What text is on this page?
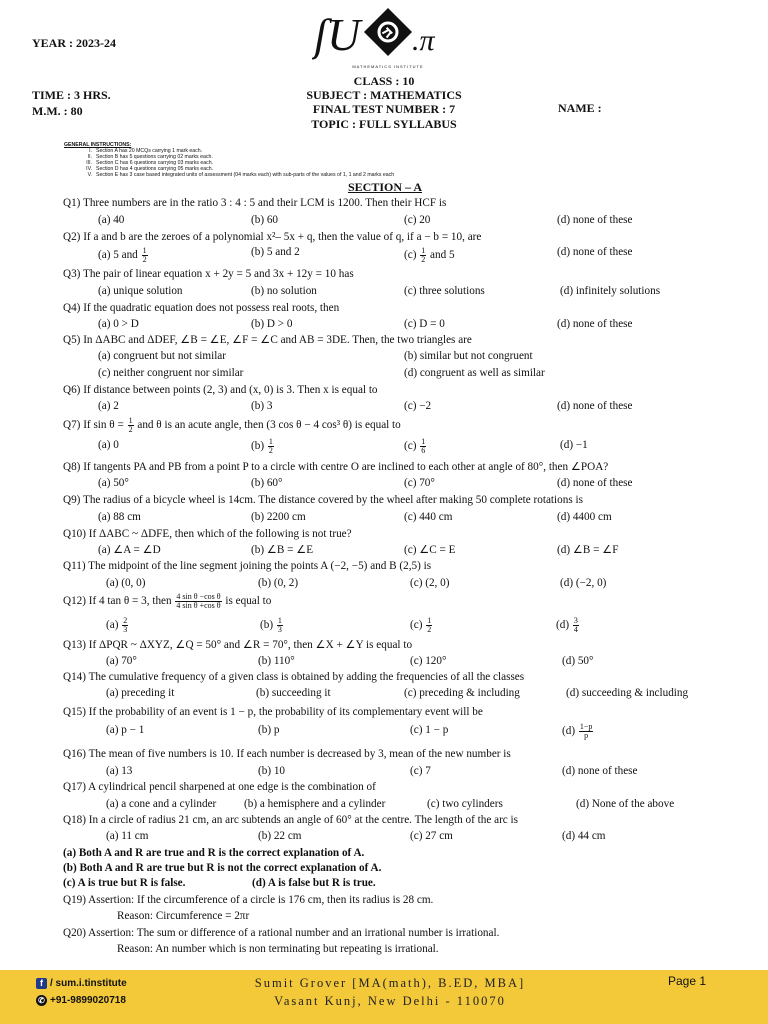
YEAR : 2023-24
TIME : 3 HRS.
M.M. : 80
ʃU .π
MATHEMATICS INSTITUTE
CLASS : 10
SUBJECT : MATHEMATICS
FINAL TEST NUMBER : 7
TOPIC : FULL SYLLABUS
NAME :
GENERAL INSTRUCTIONS:
I. Section A has 20 MCQs carrying 1 mark each.
II. Section B has 5 questions carrying 02 marks each.
III. Section C has 6 questions carrying 03 marks each.
IV. Section D has 4 questions carrying 05 marks each.
V. Section E has 3 case based integrated units of assessment (04 marks each) with sub-parts of the values of 1, 1 and 2 marks each
SECTION – A
Q1) Three numbers are in the ratio 3 : 4 : 5 and their LCM is 1200. Then their HCF is
(a) 40	(b) 60	(c) 20	(d) none of these
Q2) If a and b are the zeroes of a polynomial x²– 5x + q, then the value of q, if a − b = 10, are
(a) 5 and $\frac{1}{2}$	(b) 5 and 2	$(c) \frac{1}{2}$ and 5	(d) none of these
Q3) The pair of linear equation x + 2y = 5 and 3x + 12y = 10 has
(a) unique solution	(b) no solution	(c) three solutions	(d) infinitely solutions
Q4) If the quadratic equation does not possess real roots, then
(a) 0 > D	(b) D > 0	(c) D = 0	(d) none of these
Q5) In ΔABC and ΔDEF, ∠B = ∠E, ∠F = ∠C and AB = 3DE. Then, the two triangles are
(a) congruent but not similar	(b) similar but not congruent
(c) neither congruent nor similar	(d) congruent as well as similar
Q6) If distance between points (2, 3) and (x, 0) is 3. Then x is equal to
(a) 2	(b) 3	(c) −2	(d) none of these
Q7) If $\sin \theta = \frac{1}{2}$ and θ is an acute angle, then (3 cos θ − 4 cos³ θ) is equal to
(a) 0	$(b) \frac{1}{2}$	$(c) \frac{1}{6}$	(d) −1
Q8) If tangents PA and PB from a point P to a circle with centre O are inclined to each other at angle of 80°, then ∠POA?
(a) 50°	(b) 60°	(c) 70°	(d) none of these
Q9) The radius of a bicycle wheel is 14cm. The distance covered by the wheel after making 50 complete rotations is
(a) 88 cm	(b) 2200 cm	(c) 440 cm	(d) 4400 cm
Q10) If ΔABC ~ ΔDFE, then which of the following is not true?
(a) ∠A = ∠D	(b) ∠B = ∠E	(c) ∠C = E	(d) ∠B = ∠F
Q11) The midpoint of the line segment joining the points A (−2, −5) and B (2,5) is
(a) (0, 0)	(b) (0, 2)	(c) (2, 0)	(d) (−2, 0)
Q12) If 4 tan θ = 3, then $\frac{\text{4 sin θ −cos θ}}{\text{4 sin θ +cos θ}}$ is equal to
$(a) \frac{2}{3}$	$(b) \frac{1}{3}$	$(c) \frac{1}{2}$	$(d) \frac{3}{4}$
Q13) If ΔPQR ~ ΔXYZ, ∠Q = 50° and ∠R = 70°, then ∠X + ∠Y is equal to
(a) 70°	(b) 110°	(c) 120°	(d) 50°
Q14) The cumulative frequency of a given class is obtained by adding the frequencies of all the classes
(a) preceding it	(b) succeeding it	(c) preceding & including	(d) succeeding & including
Q15) If the probability of an event is 1 − p, the probability of its complementary event will be
(a) p − 1	(b) p	(c) 1 − p	$(d) \frac{1-p}{p}$
Q16) The mean of five numbers is 10. If each number is decreased by 3, mean of the new number is
(a) 13	(b) 10	(c) 7	(d) none of these
Q17) A cylindrical pencil sharpened at one edge is the combination of
(a) a cone and a cylinder (b) a hemisphere and a cylinder	(c) two cylinders	(d) None of the above
Q18) In a circle of radius 21 cm, an arc subtends an angle of 60° at the centre. The length of the arc is
(a) 11 cm	(b) 22 cm	(c) 27 cm	(d) 44 cm
(a) Both A and R are true and R is the correct explanation of A.
(b) Both A and R are true but R is not the correct explanation of A.
(c) A is true but R is false.	(d) A is false but R is true.
Q19) Assertion: If the circumference of a circle is 176 cm, then its radius is 28 cm.
Reason: Circumference = 2πr
Q20) Assertion: The sum or difference of a rational number and an irrational number is irrational.
Reason: An number which is non terminating but repeating is irrational.
f / sum.i.tinstitute
✆ +91-9899020718
Sumit Grover [MA(math), B.ED, MBA]
Vasant Kunj, New Delhi - 110070
Page 1
